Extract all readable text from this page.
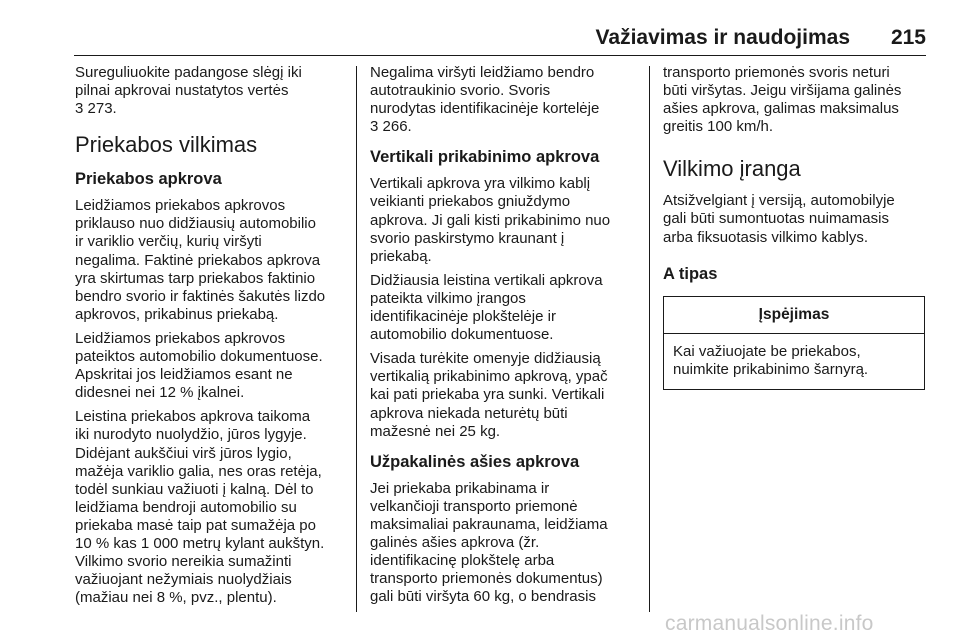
Važiavimas ir naudojimas 215

Sureguliuokite padangose slėgį iki
pilnai apkrovai nustatytos vertės
3 273.

Priekabos vilkimas
Priekabos apkrova

Leidžiamos priekabos apkrovos
priklauso nuo didžiausių automobilio
ir variklio verčių, kurių viršyti
negalima. Faktinė priekabos apkrova
yra skirtumas tarp priekabos faktinio
bendro svorio ir faktinės šakutės lizdo
apkrovos, prikabinus priekabą.

Leidžiamos priekabos apkrovos
pateiktos automobilio dokumentuose.
Apskritai jos leidžiamos esant ne
didesnei nei 12 % įkalnei.

Leistina priekabos apkrova taikoma
iki nurodyto nuolydžio, jūros lygyje.
Didėjant aukščiui virš jūros lygio,
mažėja variklio galia, nes oras retėja,
todėl sunkiau važiuoti į kalną. Dėl to
leidžiama bendroji automobilio su
priekaba masė taip pat sumažėja po
10 % kas 1 000 metrų kylant aukštyn.
Vilkimo svorio nereikia sumažinti
važiuojant nežymiais nuolydžiais
(mažiau nei 8 %, pvz., plentu).

Negalima viršyti leidžiamo bendro
autotraukinio svorio. Svoris
nurodytas identifikacinėje kortelėje
3 266.

Vertikali prikabinimo apkrova

Vertikali apkrova yra vilkimo kablį
veikianti priekabos gniuždymo
apkrova. Ji gali kisti prikabinimo nuo
svorio paskirstymo kraunant į
priekabą.

Didžiausia leistina vertikali apkrova
pateikta vilkimo įrangos
identifikacinėje plokštelėje ir
automobilio dokumentuose.

Visada turėkite omenyje didžiausią
vertikalią prikabinimo apkrovą, ypač
kai pati priekaba yra sunki. Vertikali
apkrova niekada neturėtų būti
mažesnė nei 25 kg.

Užpakalinės ašies apkrova

Jei priekaba prikabinama ir
velkančioji transporto priemonė
maksimaliai pakraunama, leidžiama
galinės ašies apkrova (žr.
identifikacinę plokštelę arba
transporto priemonės dokumentus)
gali būti viršyta 60 kg, o bendrasis

transporto priemonės svoris neturi
būti viršytas. Jeigu viršijama galinės
ašies apkrova, galimas maksimalus
greitis 100 km/h.

Vilkimo įranga

Atsižvelgiant į versiją, automobilyje
gali būti sumontuotas nuimamasis
arba fiksuotasis vilkimo kablys.

A tipas
Įspėjimas
Kai važiuojate be priekabos,
nuimkite prikabinimo šarnyrą.
carmanualsonline.info
